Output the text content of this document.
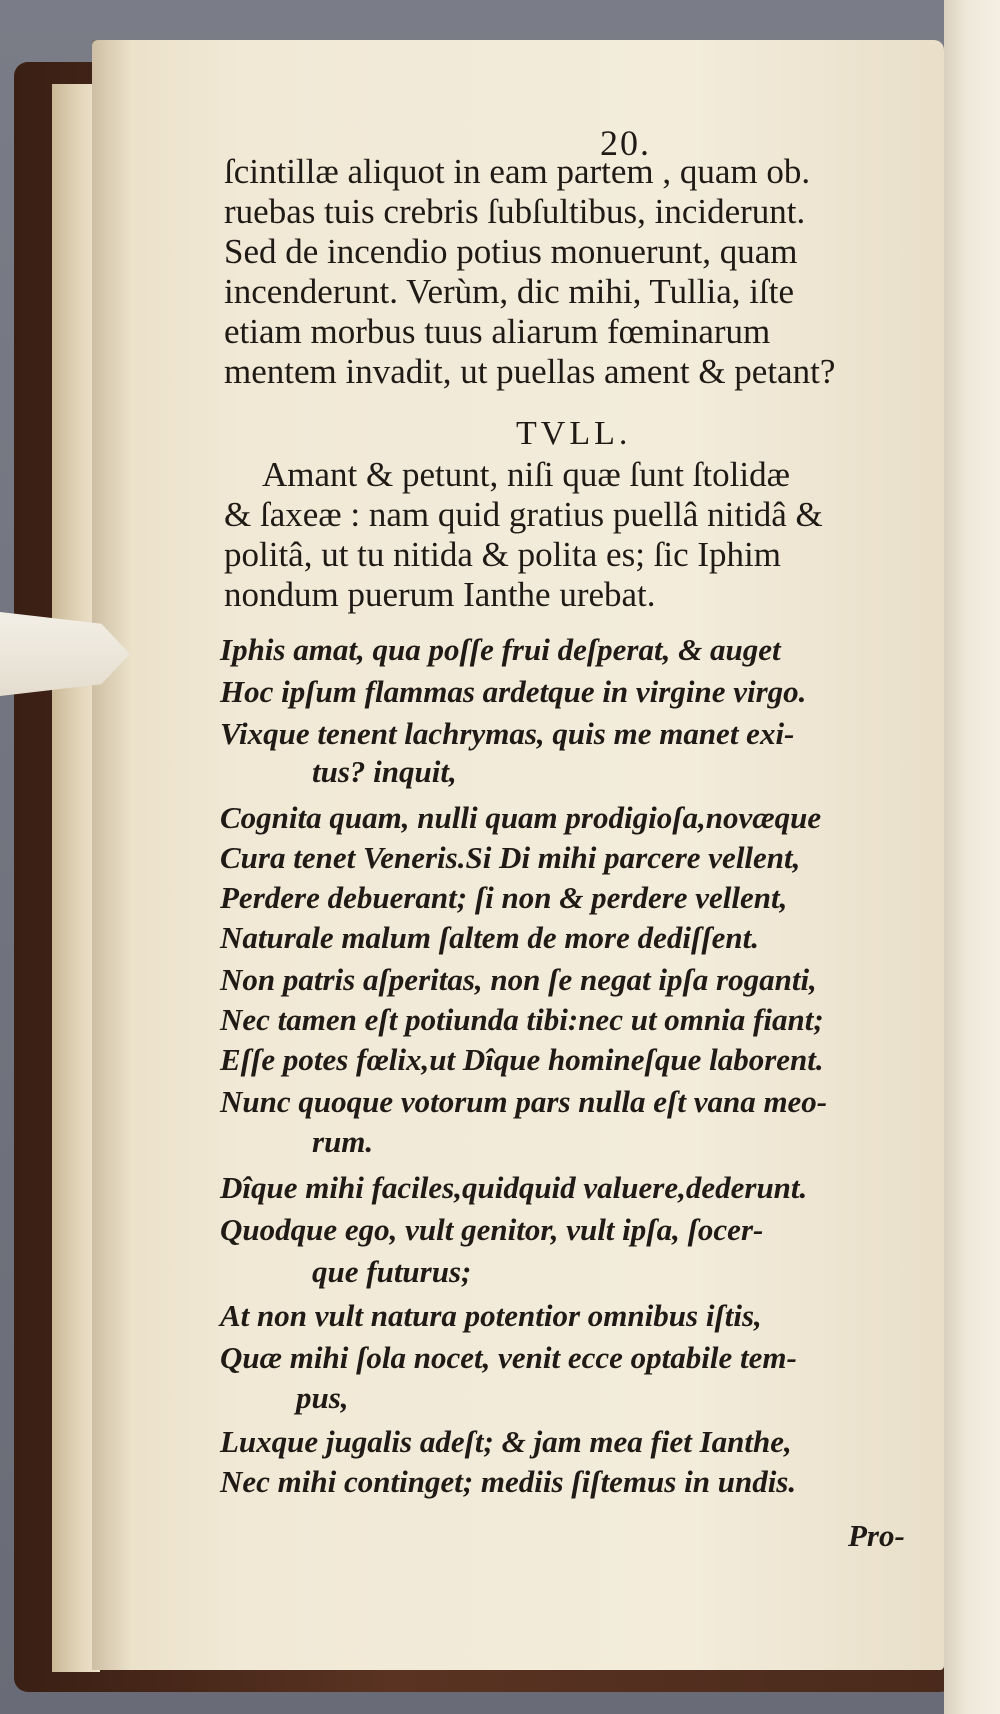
20.
ſcintillæ aliquot in eam partem , quam ob.
ruebas tuis crebris ſubſultibus, inciderunt.
Sed de incendio potius monuerunt, quam
incenderunt. Verùm, dic mihi, Tullia, iſte
etiam morbus tuus aliarum fœminarum
mentem invadit, ut puellas ament & petant?
TVLL.
Amant & petunt, niſi quæ ſunt ſtolidæ
& ſaxeæ : nam quid gratius puellâ nitidâ &
politâ, ut tu nitida & polita es; ſic Iphim
nondum puerum Ianthe urebat.
Iphis amat, qua poſſe frui deſperat, & auget
Hoc ipſum flammas ardetque in virgine virgo.
Vixque tenent lachrymas, quis me manet exi-
tus? inquit,
Cognita quam, nulli quam prodigioſa,novæque
Cura tenet Veneris.Si Di mihi parcere vellent,
Perdere debuerant; ſi non & perdere vellent,
Naturale malum ſaltem de more dediſſent.
Non patris aſperitas, non ſe negat ipſa roganti,
Nec tamen eſt potiunda tibi:nec ut omnia fiant;
Eſſe potes fœlix,ut Dîque homineſque laborent.
Nunc quoque votorum pars nulla eſt vana meo-
rum.
Dîque mihi faciles,quidquid valuere,dederunt.
Quodque ego, vult genitor, vult ipſa, ſocer-
que futurus;
At non vult natura potentior omnibus iſtis,
Quæ mihi ſola nocet, venit ecce optabile tem-
pus,
Luxque jugalis adeſt; & jam mea fiet Ianthe,
Nec mihi continget; mediis ſiſtemus in undis.
Pro-
